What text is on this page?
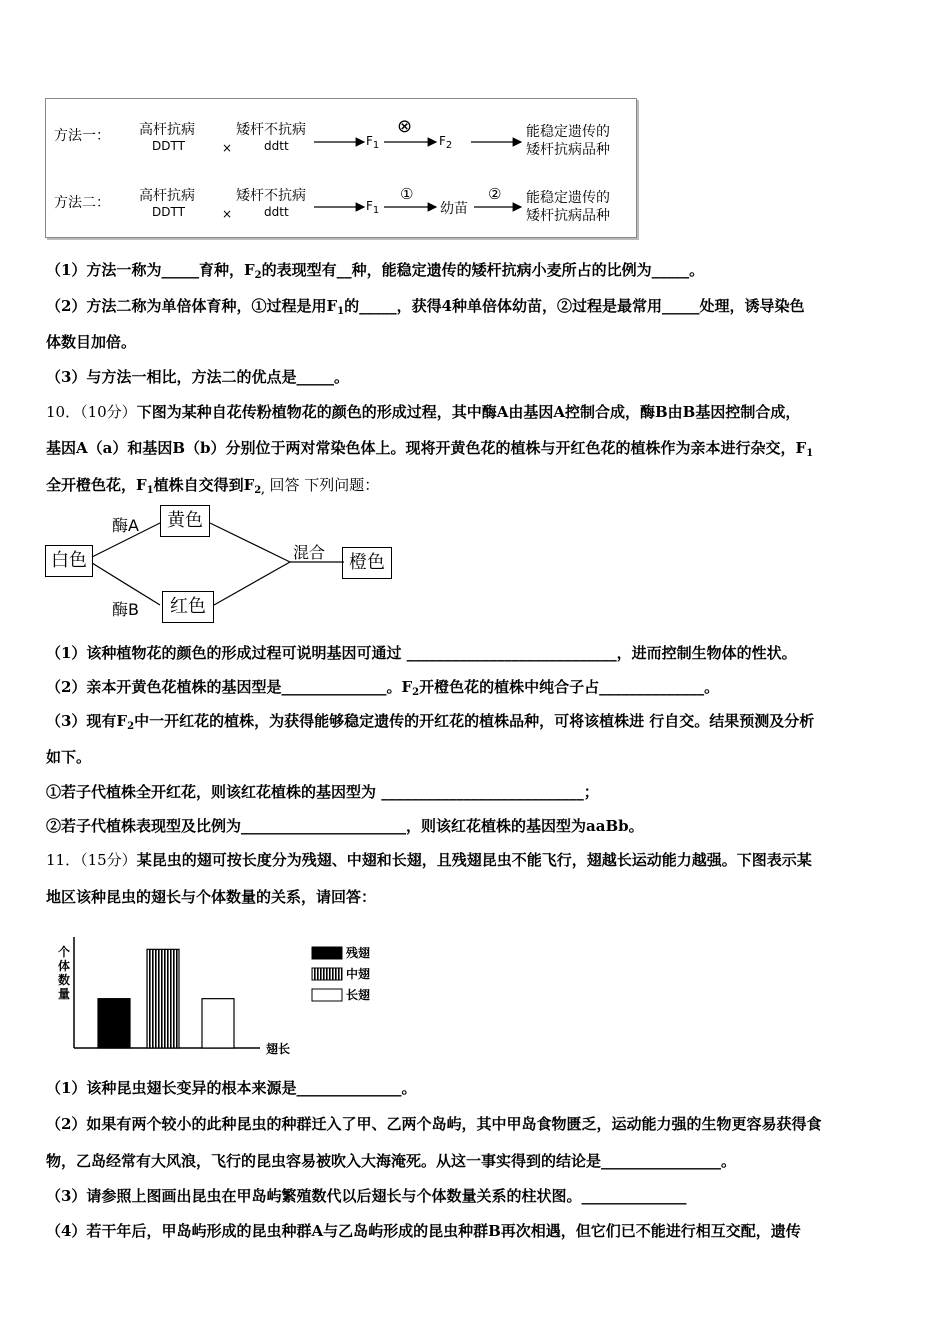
方法一： 高杆抗病
DDTT	×
矮杆不抗病
ddtt	$F_1$
⊗
$F_2$
能稳定遗传的
矮杆抗病品种
方法二： 高杆抗病
DDTT	×
矮杆不抗病
ddtt	$F_1$
①
幼苗
② 能稳定遗传的
矮杆抗病品种
（1）方法一称为_____育种，$F_2$的表现型有__种，能稳定遗传的矮杆抗病小麦所占的比例为_____。
（2）方法二称为单倍体育种，①过程是用$F_1$的_____，获得4种单倍体幼苗，②过程是最常用_____处理，诱导染色
体数目加倍。
（3）与方法一相比，方法二的优点是_____。
10．（10分）下图为某种自花传粉植物花的颜色的形成过程，其中酶A由基因A控制合成，酶B由B基因控制合成，
基因A（a）和基因B（b）分别位于两对常染色体上。现将开黄色花的植株与开红色花的植株作为亲本进行杂交，$F_1$
全开橙色花，$F_1$植株自交得到$F_{2,}$ 回答 下列问题：
白色
黄色
红色
橙色
酶A
酶B
混合
（1）该种植物花的颜色的形成过程可说明基因可通过 ____________________________，进而控制生物体的性状。
（2）亲本开黄色花植株的基因型是______________。$F_2$开橙色花的植株中纯合子占______________。
（3）现有$F_2$中一开红花的植株，为获得能够稳定遗传的开红花的植株品种，可将该植株进 行自交。结果预测及分析
如下。
①若子代植株全开红花，则该红花植株的基因型为 ___________________________；
②若子代植株表现型及比例为______________________，则该红花植株的基因型为aaBb。
11．（15分）某昆虫的翅可按长度分为残翅、中翅和长翅，且残翅昆虫不能飞行，翅越长运动能力越强。下图表示某
地区该种昆虫的翅长与个体数量的关系，请回答：
个体数量
翅长
残翅
中翅
长翅
（1）该种昆虫翅长变异的根本来源是______________。
（2）如果有两个较小的此种昆虫的种群迁入了甲、乙两个岛屿，其中甲岛食物匮乏，运动能力强的生物更容易获得食
物，乙岛经常有大风浪，飞行的昆虫容易被吹入大海淹死。从这一事实得到的结论是________________。
（3）请参照上图画出昆虫在甲岛屿繁殖数代以后翅长与个体数量关系的柱状图。______________
（4）若干年后，甲岛屿形成的昆虫种群A与乙岛屿形成的昆虫种群B再次相遇，但它们已不能进行相互交配，遗传
